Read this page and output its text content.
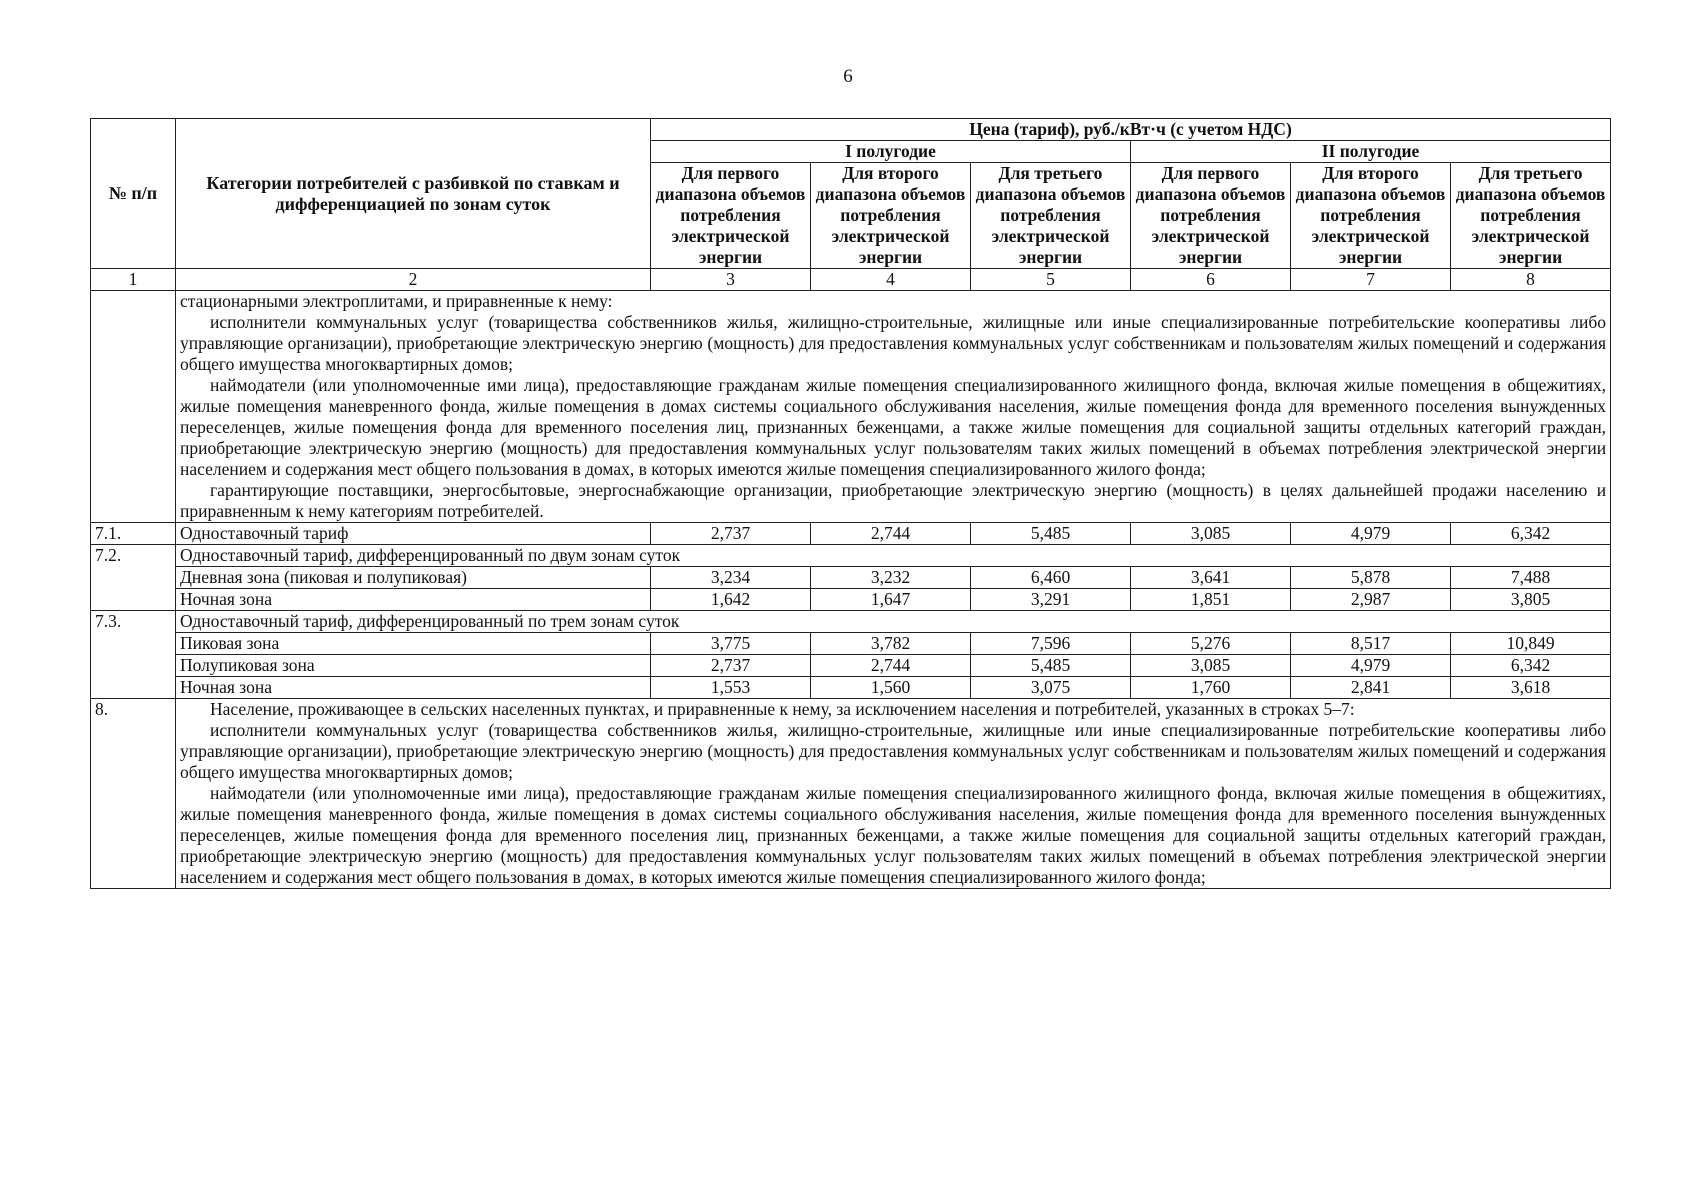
6
№ п/п	Категории потребителей с разбивкой по ставкам и дифференциацией по зонам суток	Цена (тариф), руб./кВт·ч (с учетом НДС)					
		I полугодие			II полугодие		
		Для первого диапазона объемов потребления электрической энергии	Для второго диапазона объемов потребления электрической энергии	Для третьего диапазона объемов потребления электрической энергии	Для первого диапазона объемов потребления электрической энергии	Для второго диапазона объемов потребления электрической энергии	Для третьего диапазона объемов потребления электрической энергии
1	2	3	4	5	6	7	8

	стационарными электроплитами, и приравненные к нему:

исполнители коммунальных услуг (товарищества собственников жилья, жилищно-строительные, жилищные или иные специализированные потребительские кооперативы либо управляющие организации), приобретающие электрическую энергию (мощность) для предоставления коммунальных услуг собственникам и пользователям жилых помещений и содержания общего имущества многоквартирных домов;

наймодатели (или уполномоченные ими лица), предоставляющие гражданам жилые помещения специализированного жилищного фонда, включая жилые помещения в общежитиях, жилые помещения маневренного фонда, жилые помещения в домах системы социального обслуживания населения, жилые помещения фонда для временного поселения вынужденных переселенцев, жилые помещения фонда для временного поселения лиц, признанных беженцами, а также жилые помещения для социальной защиты отдельных категорий граждан, приобретающие электрическую энергию (мощность) для предоставления коммунальных услуг пользователям таких жилых помещений в объемах потребления электрической энергии населением и содержания мест общего пользования в домах, в которых имеются жилые помещения специализированного жилого фонда;

гарантирующие поставщики, энергосбытовые, энергоснабжающие организации, приобретающие электрическую энергию (мощность) в целях дальнейшей продажи населению и приравненным к нему категориям потребителей.						

7.1.	Одноставочный тариф	2,737	2,744	5,485	3,085	4,979	6,342
7.2.	Одноставочный тариф, дифференцированный по двум зонам суток						
	Дневная зона (пиковая и полупиковая)	3,234	3,232	6,460	3,641	5,878	7,488
	Ночная зона	1,642	1,647	3,291	1,851	2,987	3,805
7.3.	Одноставочный тариф, дифференцированный по трем зонам суток						
	Пиковая зона	3,775	3,782	7,596	5,276	8,517	10,849
	Полупиковая зона	2,737	2,744	5,485	3,085	4,979	6,342
	Ночная зона	1,553	1,560	3,075	1,760	2,841	3,618
8.	Население, проживающее в сельских населенных пунктах, и приравненные к нему, за исключением населения и потребителей, указанных в строках 5–7:

исполнители коммунальных услуг (товарищества собственников жилья, жилищно-строительные, жилищные или иные специализированные потребительские кооперативы либо управляющие организации), приобретающие электрическую энергию (мощность) для предоставления коммунальных услуг собственникам и пользователям жилых помещений и содержания общего имущества многоквартирных домов;

наймодатели (или уполномоченные ими лица), предоставляющие гражданам жилые помещения специализированного жилищного фонда, включая жилые помещения в общежитиях, жилые помещения маневренного фонда, жилые помещения в домах системы социального обслуживания населения, жилые помещения фонда для временного поселения вынужденных переселенцев, жилые помещения фонда для временного поселения лиц, признанных беженцами, а также жилые помещения для социальной защиты отдельных категорий граждан, приобретающие электрическую энергию (мощность) для предоставления коммунальных услуг пользователям таких жилых помещений в объемах потребления электрической энергии населением и содержания мест общего пользования в домах, в которых имеются жилые помещения специализированного жилого фонда;						
